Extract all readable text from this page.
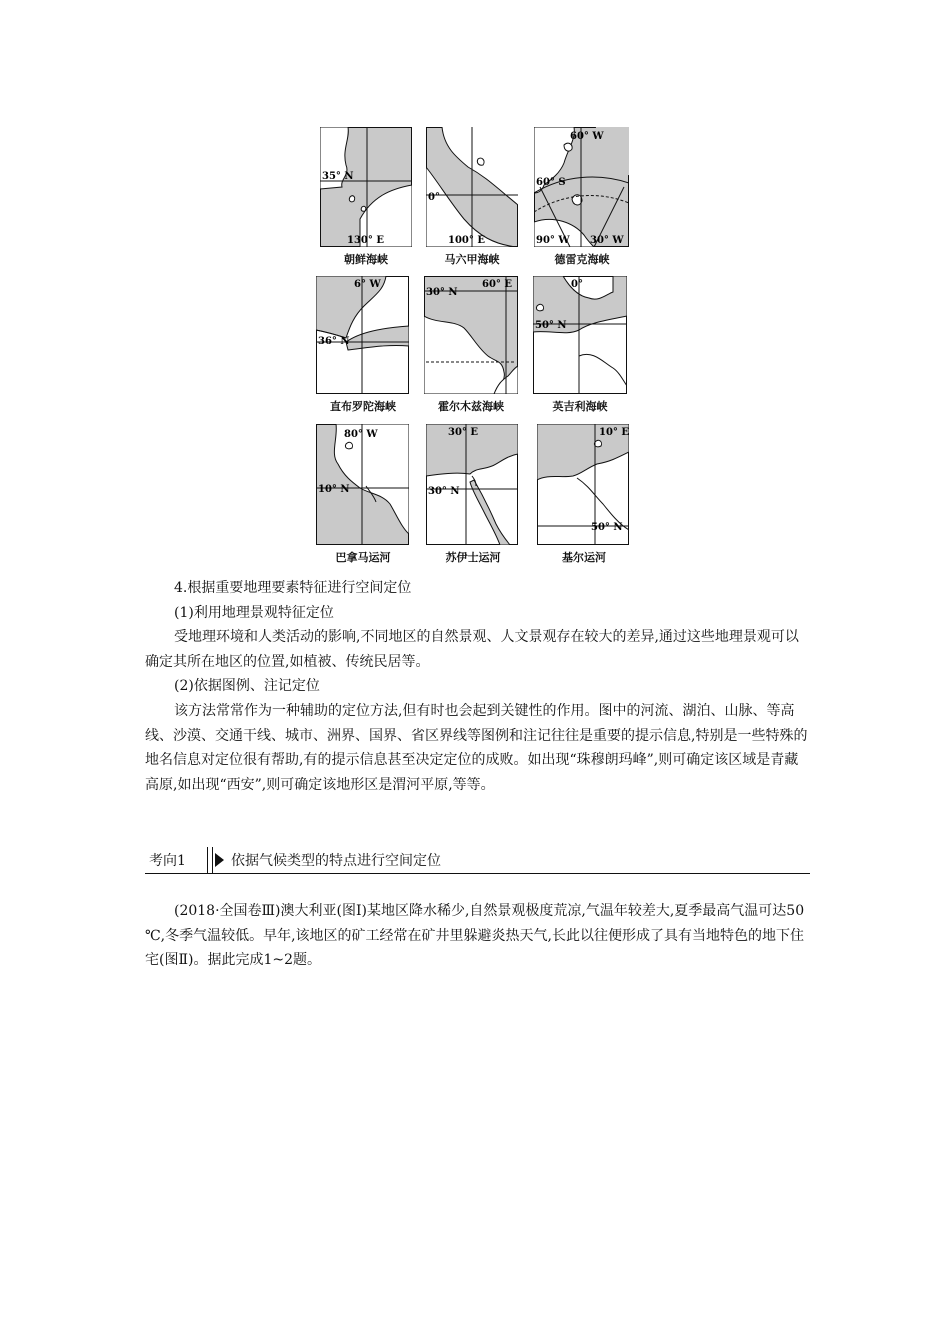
35° N
130° E
朝鲜海峡
0°
100° E
马六甲海峡
60° W
60° S
90° W 30° W
德雷克海峡
6° W
36° N
直布罗陀海峡
30° N
60° E
霍尔木兹海峡
0°
50° N
英吉利海峡
80° W
10° N
巴拿马运河
30° E
30° N
苏伊士运河
10° E
50° N
基尔运河

4.根据重要地理要素特征进行空间定位

(1)利用地理景观特征定位

受地理环境和人类活动的影响,不同地区的自然景观、人文景观存在较大的差异,通过这些地理景观可以确定其所在地区的位置,如植被、传统民居等。

(2)依据图例、注记定位

该方法常常作为一种辅助的定位方法,但有时也会起到关键性的作用。图中的河流、湖泊、山脉、等高线、沙漠、交通干线、城市、洲界、国界、省区界线等图例和注记往往是重要的提示信息,特别是一些特殊的地名信息对定位很有帮助,有的提示信息甚至决定定位的成败。如出现“珠穆朗玛峰”,则可确定该区域是青藏高原,如出现“西安”,则可确定该地形区是渭河平原,等等。

考向1	依据气候类型的特点进行空间定位

(2018·全国卷Ⅲ)澳大利亚(图Ⅰ)某地区降水稀少,自然景观极度荒凉,气温年较差大,夏季最高气温可达50 ℃,冬季气温较低。早年,该地区的矿工经常在矿井里躲避炎热天气,长此以往便形成了具有当地特色的地下住宅(图Ⅱ)。据此完成1~2题。
